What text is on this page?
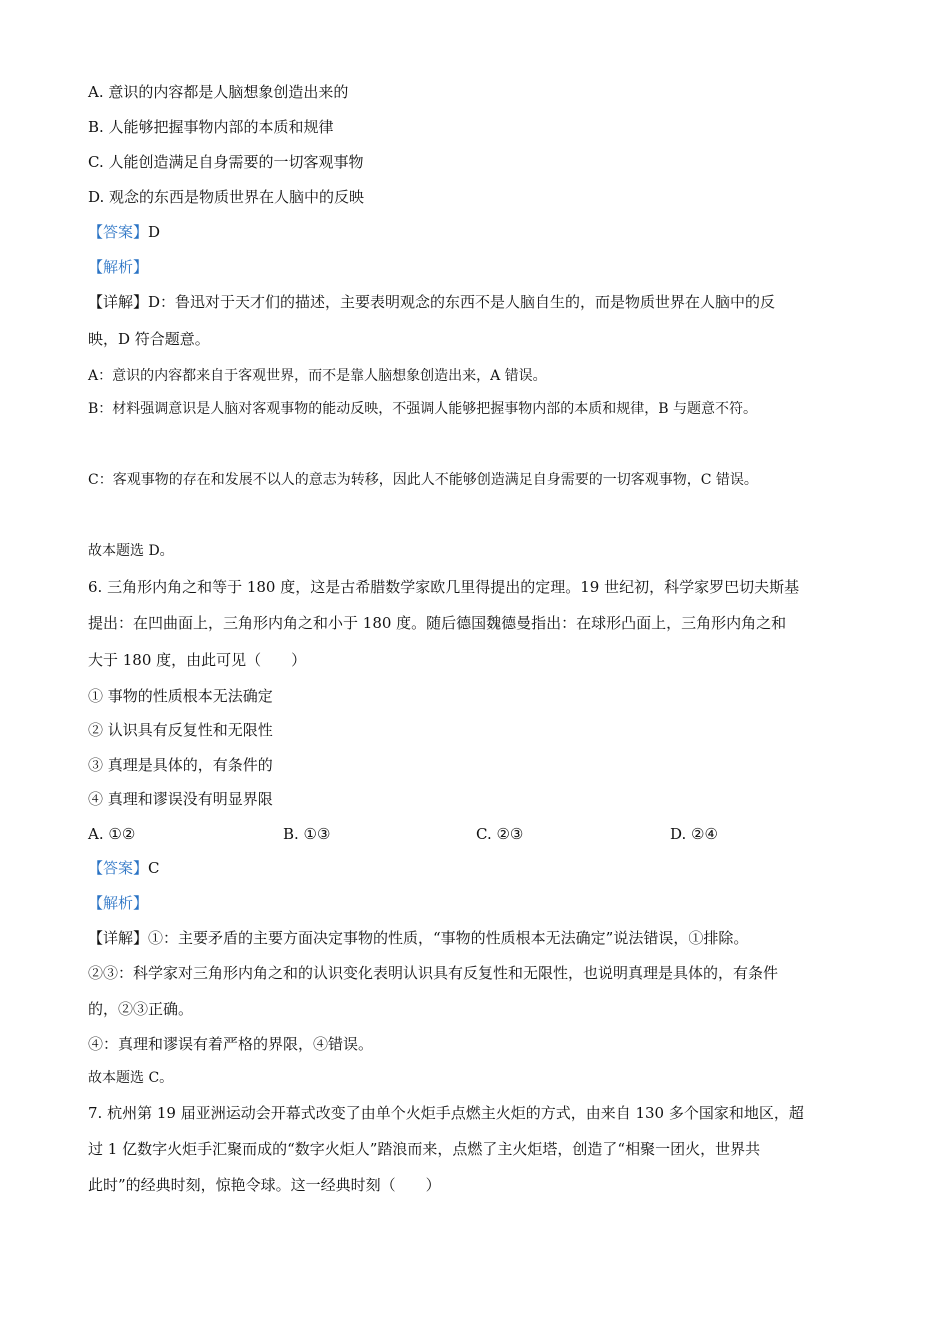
A. 意识的内容都是人脑想象创造出来的
B. 人能够把握事物内部的本质和规律
C. 人能创造满足自身需要的一切客观事物
D. 观念的东西是物质世界在人脑中的反映
【答案】D
【解析】
【详解】D：鲁迅对于天才们的描述，主要表明观念的东西不是人脑自生的，而是物质世界在人脑中的反
映，D 符合题意。
A：意识的内容都来自于客观世界，而不是靠人脑想象创造出来，A 错误。
B：材料强调意识是人脑对客观事物的能动反映，不强调人能够把握事物内部的本质和规律，B 与题意不符。
C：客观事物的存在和发展不以人的意志为转移，因此人不能够创造满足自身需要的一切客观事物，C 错误。
故本题选 D。
6. 三角形内角之和等于 180 度，这是古希腊数学家欧几里得提出的定理。19 世纪初，科学家罗巴切夫斯基
提出：在凹曲面上，三角形内角之和小于 180 度。随后德国魏德曼指出：在球形凸面上，三角形内角之和
大于 180 度，由此可见（　　）
① 事物的性质根本无法确定
② 认识具有反复性和无限性
③ 真理是具体的，有条件的
④ 真理和谬误没有明显界限
A. ①②	B. ①③	C. ②③	D. ②④
【答案】C
【解析】
【详解】①：主要矛盾的主要方面决定事物的性质，“事物的性质根本无法确定”说法错误，①排除。
②③：科学家对三角形内角之和的认识变化表明认识具有反复性和无限性，也说明真理是具体的，有条件
的，②③正确。
④：真理和谬误有着严格的界限，④错误。
故本题选 C。
7. 杭州第 19 届亚洲运动会开幕式改变了由单个火炬手点燃主火炬的方式，由来自 130 多个国家和地区，超
过 1 亿数字火炬手汇聚而成的“数字火炬人”踏浪而来，点燃了主火炬塔，创造了“相聚一团火，世界共
此时”的经典时刻，惊艳令球。这一经典时刻（　　）
